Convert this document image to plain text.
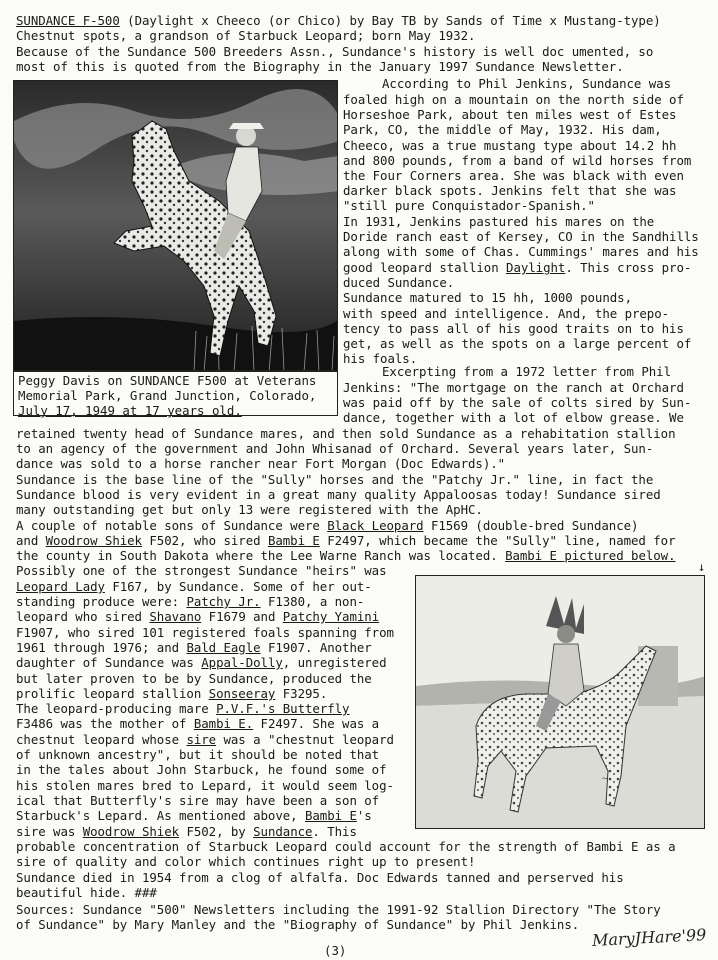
SUNDANCE F-500 (Daylight x Cheeco (or Chico) by Bay TB by Sands of Time x Mustang-type)
Chestnut spots, a grandson of Starbuck Leopard; born May 1932.
Because of the Sundance 500 Breeders Assn., Sundance's history is well doc umented, so
most of this is quoted from the Biography in the January 1997 Sundance Newsletter.
Peggy Davis on SUNDANCE F500 at Veterans
Memorial Park, Grand Junction, Colorado,
July 17, 1949 at 17 years old.
According to Phil Jenkins, Sundance was
foaled high on a mountain on the north side of
Horseshoe Park, about ten miles west of Estes
Park, CO, the middle of May, 1932. His dam,
Cheeco, was a true mustang type about 14.2 hh
and 800 pounds, from a band of wild horses from
the Four Corners area. She was black with even
darker black spots. Jenkins felt that she was
"still pure Conquistador-Spanish."
In 1931, Jenkins pastured his mares on the
Doride ranch east of Kersey, CO in the Sandhills
along with some of Chas. Cummings' mares and his
good leopard stallion Daylight. This cross pro-
duced Sundance.
Sundance matured to 15 hh, 1000 pounds,
with speed and intelligence. And, the prepo-
tency to pass all of his good traits on to his
get, as well as the spots on a large percent of
his foals.
Excerpting from a 1972 letter from Phil
Jenkins: "The mortgage on the ranch at Orchard
was paid off by the sale of colts sired by Sun-
dance, together with a lot of elbow grease. We
retained twenty head of Sundance mares, and then sold Sundance as a rehabitation stallion
to an agency of the government and John Whisanad of Orchard. Several years later, Sun-
dance was sold to a horse rancher near Fort Morgan (Doc Edwards)."
Sundance is the base line of the "Sully" horses and the "Patchy Jr." line, in fact the
Sundance blood is very evident in a great many quality Appaloosas today! Sundance sired
many outstanding get but only 13 were registered with the ApHC.
A couple of notable sons of Sundance were Black Leopard F1569 (double-bred Sundance)
and Woodrow Shiek F502, who sired Bambi E F2497, which became the "Sully" line, named for
the county in South Dakota where the Lee Warne Ranch was located. Bambi E pictured below.
↓
Possibly one of the strongest Sundance "heirs" was
Leopard Lady F167, by Sundance. Some of her out-
standing produce were: Patchy Jr. F1380, a non-
leopard who sired Shavano F1679 and Patchy Yamini
F1907, who sired 101 registered foals spanning from
1961 through 1976; and Bald Eagle F1907. Another
daughter of Sundance was Appal-Dolly, unregistered
but later proven to be by Sundance, produced the
prolific leopard stallion Sonseeray F3295.
The leopard-producing mare P.V.F.'s Butterfly
F3486 was the mother of Bambi E. F2497. She was a
chestnut leopard whose sire was a "chestnut leopard
of unknown ancestry", but it should be noted that
in the tales about John Starbuck, he found some of
his stolen mares bred to Lepard, it would seem log-
ical that Butterfly's sire may have been a son of
Starbuck's Lepard. As mentioned above, Bambi E's
sire was Woodrow Shiek F502, by Sundance. This
~
probable concentration of Starbuck Leopard could account for the strength of Bambi E as a
sire of quality and color which continues right up to present!
Sundance died in 1954 from a clog of alfalfa. Doc Edwards tanned and perserved his
beautiful hide. ###
Sources: Sundance "500" Newsletters including the 1991-92 Stallion Directory "The Story
of Sundance" by Mary Manley and the "Biography of Sundance" by Phil Jenkins.
(3)
MaryJHare'99
